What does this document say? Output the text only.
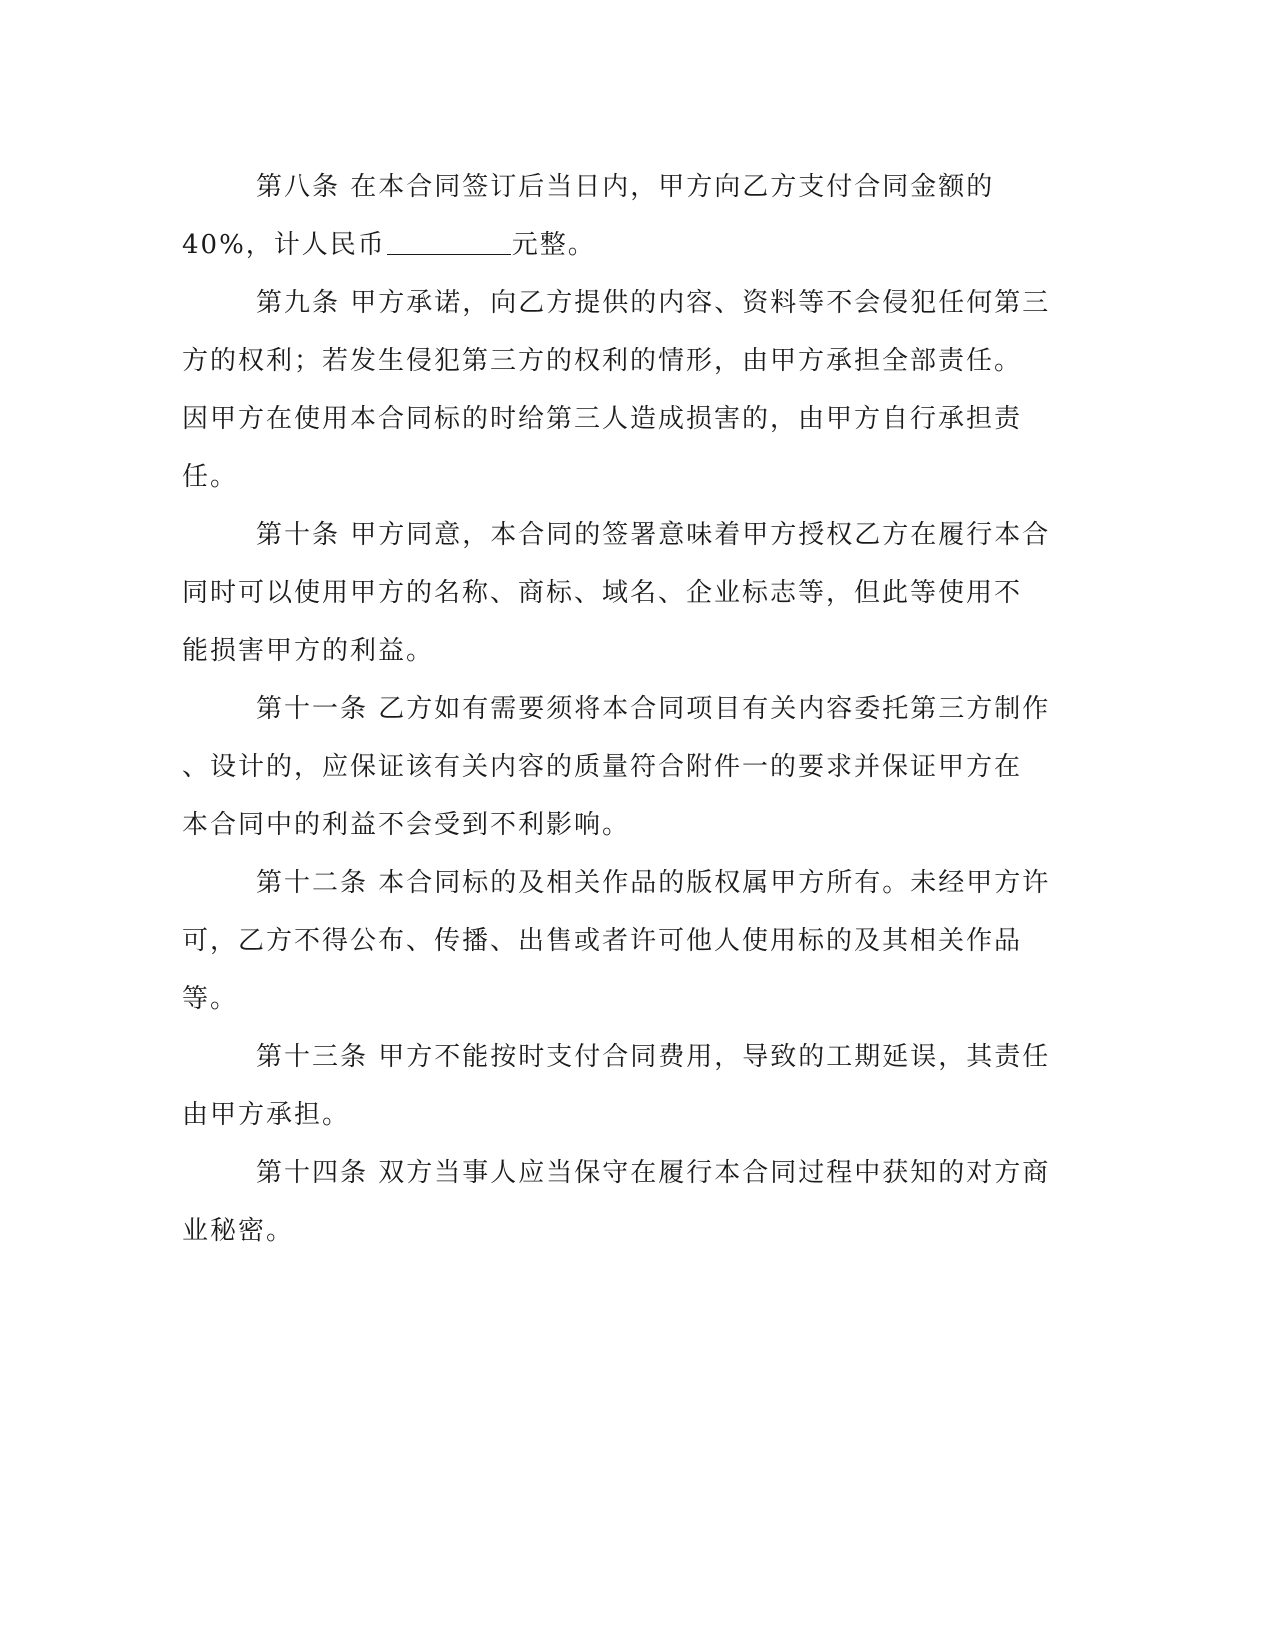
第八条 在本合同签订后当日内，甲方向乙方支付合同金额的
40%，计人民币	元整。
第九条 甲方承诺，向乙方提供的内容、资料等不会侵犯任何第三
方的权利；若发生侵犯第三方的权利的情形，由甲方承担全部责任。
因甲方在使用本合同标的时给第三人造成损害的，由甲方自行承担责
任。
第十条 甲方同意，本合同的签署意味着甲方授权乙方在履行本合
同时可以使用甲方的名称、商标、域名、企业标志等，但此等使用不
能损害甲方的利益。
第十一条 乙方如有需要须将本合同项目有关内容委托第三方制作
、设计的，应保证该有关内容的质量符合附件一的要求并保证甲方在
本合同中的利益不会受到不利影响。
第十二条 本合同标的及相关作品的版权属甲方所有。未经甲方许
可，乙方不得公布、传播、出售或者许可他人使用标的及其相关作品
等。
第十三条 甲方不能按时支付合同费用，导致的工期延误，其责任
由甲方承担。
第十四条 双方当事人应当保守在履行本合同过程中获知的对方商
业秘密。
